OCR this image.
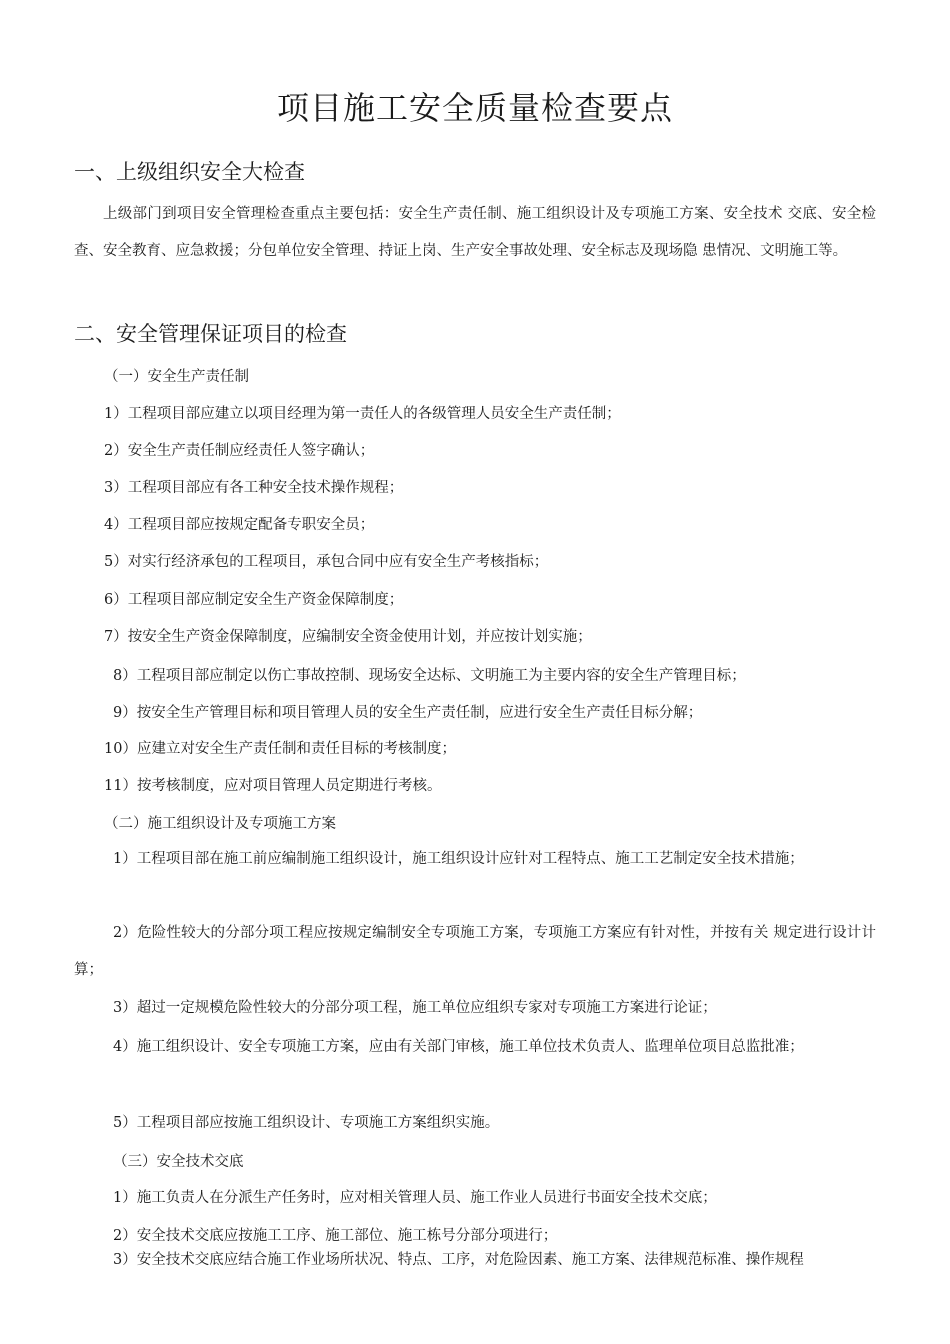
项目施工安全质量检查要点
一、上级组织安全大检查
上级部门到项目安全管理检查重点主要包括：安全生产责任制、施工组织设计及专项施工方案、安全技术 交底、安全检查、安全教育、应急救援；分包单位安全管理、持证上岗、生产安全事故处理、安全标志及现场隐 患情况、文明施工等。
二、安全管理保证项目的检查
（一）安全生产责任制
1）工程项目部应建立以项目经理为第一责任人的各级管理人员安全生产责任制；
2）安全生产责任制应经责任人签字确认；
3）工程项目部应有各工种安全技术操作规程；
4）工程项目部应按规定配备专职安全员；
5）对实行经济承包的工程项目，承包合同中应有安全生产考核指标；
6）工程项目部应制定安全生产资金保障制度；
7）按安全生产资金保障制度，应编制安全资金使用计划，并应按计划实施；
8）工程项目部应制定以伤亡事故控制、现场安全达标、文明施工为主要内容的安全生产管理目标；
9）按安全生产管理目标和项目管理人员的安全生产责任制，应进行安全生产责任目标分解；
10）应建立对安全生产责任制和责任目标的考核制度；
11）按考核制度，应对项目管理人员定期进行考核。
（二）施工组织设计及专项施工方案
1）工程项目部在施工前应编制施工组织设计，施工组织设计应针对工程特点、施工工艺制定安全技术措施；
2）危险性较大的分部分项工程应按规定编制安全专项施工方案，专项施工方案应有针对性，并按有关 规定进行设计计算；
3）超过一定规模危险性较大的分部分项工程，施工单位应组织专家对专项施工方案进行论证；
4）施工组织设计、安全专项施工方案，应由有关部门审核，施工单位技术负责人、监理单位项目总监批准；
5）工程项目部应按施工组织设计、专项施工方案组织实施。
（三）安全技术交底
1）施工负责人在分派生产任务时，应对相关管理人员、施工作业人员进行书面安全技术交底；
2）安全技术交底应按施工工序、施工部位、施工栋号分部分项进行；
3）安全技术交底应结合施工作业场所状况、特点、工序，对危险因素、施工方案、法律规范标准、操作规程
